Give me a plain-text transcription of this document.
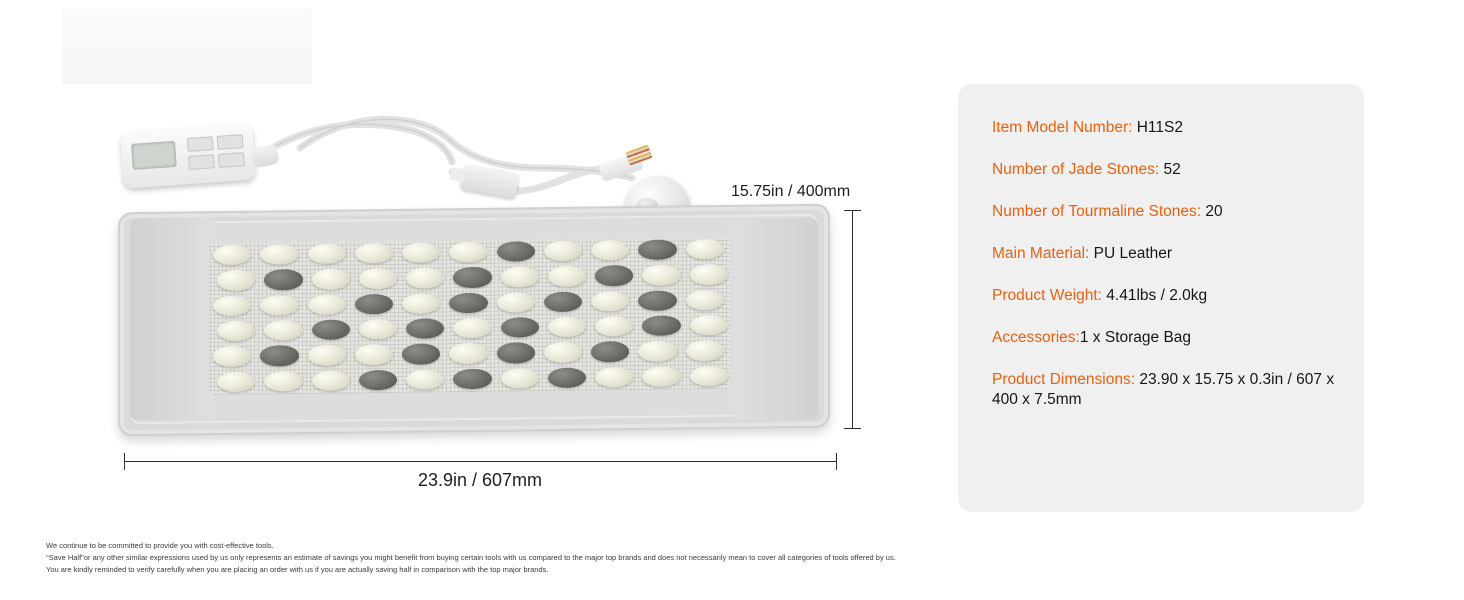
15.75in / 400mm
23.9in / 607mm
Item Model Number: H11S2
Number of Jade Stones: 52
Number of Tourmaline Stones: 20
Main Material: PU Leather
Product Weight: 4.41lbs / 2.0kg
Accessories:1 x Storage Bag
Product Dimensions: 23.90 x 15.75 x 0.3in / 607 x 400 x 7.5mm
We continue to be committed to provide you with cost-effective tools.
"Save Half"or any other similar expressions used by us only represents an estimate of savings you might benefit from buying certain tools with us compared to the major top brands and does not necessarily mean to cover all categories of tools offered by us.
You are kindly reminded to verify carefully when you are placing an order with us if you are actually saving half in comparison with the top major brands.
